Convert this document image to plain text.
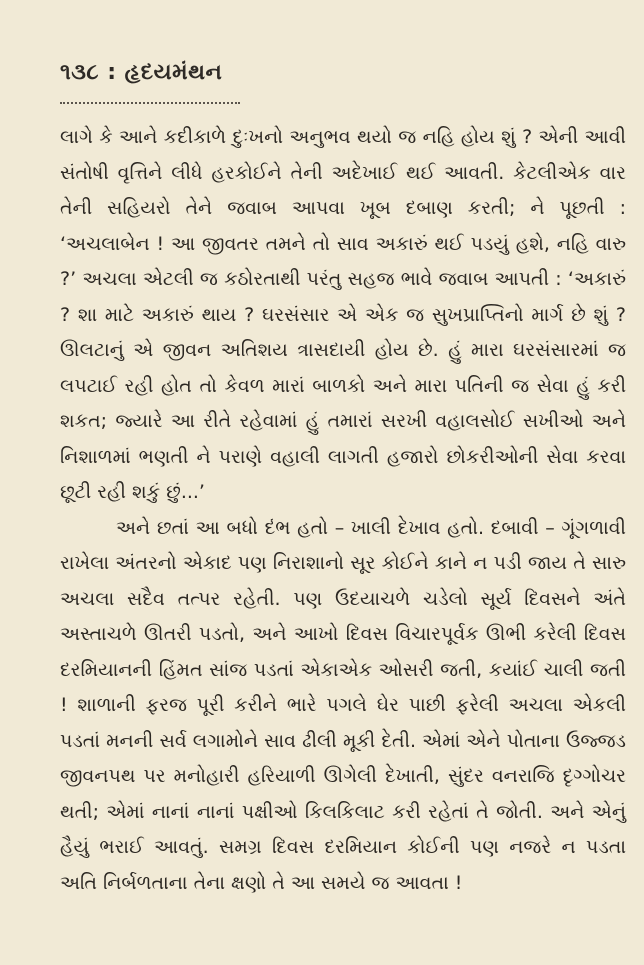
૧૩૮ : હૃદયમંથન

લાગે કે આને કદીકાળે દુઃખનો અનુભવ થયો જ નહિ હોય શું ? એની આવી સંતોષી વૃત્તિને લીધે હરકોઈને તેની અદેખાઈ થઈ આવતી. કેટલીએક વાર તેની સહિયરો તેને જવાબ આપવા ખૂબ દબાણ કરતી; ને પૂછતી : ‘અચલાબેન ! આ જીવતર તમને તો સાવ અકારું થઈ પડયું હશે, નહિ વારુ ?’ અચલા એટલી જ કઠોરતાથી પરંતુ સહજ ભાવે જવાબ આપતી : ‘અકારું ? શા માટે અકારું થાય ? ઘરસંસાર એ એક જ સુખપ્રાપ્તિનો માર્ગ છે શું ? ઊલટાનું એ જીવન અતિશય ત્રાસદાયી હોય છે. હું મારા ઘરસંસારમાં જ લપટાઈ રહી હોત તો કેવળ મારાં બાળકો અને મારા પતિની જ સેવા હું કરી શકત; જ્યારે આ રીતે રહેવામાં હું તમારાં સરખી વહાલસોઈ સખીઓ અને નિશાળમાં ભણતી ને પરાણે વહાલી લાગતી હજારો છોકરીઓની સેવા કરવા છૂટી રહી શકું છું...’

અને છતાં આ બધો દંભ હતો – ખાલી દેખાવ હતો. દબાવી – ગૂંગળાવી રાખેલા અંતરનો એકાદ પણ નિરાશાનો સૂર કોઈને કાને ન પડી જાય તે સારુ અચલા સદૈવ તત્પર રહેતી. પણ ઉદયાચળે ચડેલો સૂર્ય દિવસને અંતે અસ્તાચળે ઊતરી પડતો, અને આખો દિવસ વિચારપૂર્વક ઊભી કરેલી દિવસ દરમિયાનની હિંમત સાંજ પડતાં એકાએક ઓસરી જતી, કયાંઈ ચાલી જતી ! શાળાની ફરજ પૂરી કરીને ભારે પગલે ઘેર પાછી ફરેલી અચલા એકલી પડતાં મનની સર્વ લગામોને સાવ ઢીલી મૂકી દેતી. એમાં એને પોતાના ઉજ્જડ જીવનપથ પર મનોહારી હરિયાળી ઊગેલી દેખાતી, સુંદર વનરાજિ દૃગ્ગોચર થતી; એમાં નાનાં નાનાં પક્ષીઓ કિલકિલાટ કરી રહેતાં તે જોતી. અને એનું હૈયું ભરાઈ આવતું. સમગ્ર દિવસ દરમિયાન કોઈની પણ નજરે ન પડતા અતિ નિર્બળતાના તેના ક્ષણો તે આ સમયે જ આવતા !
